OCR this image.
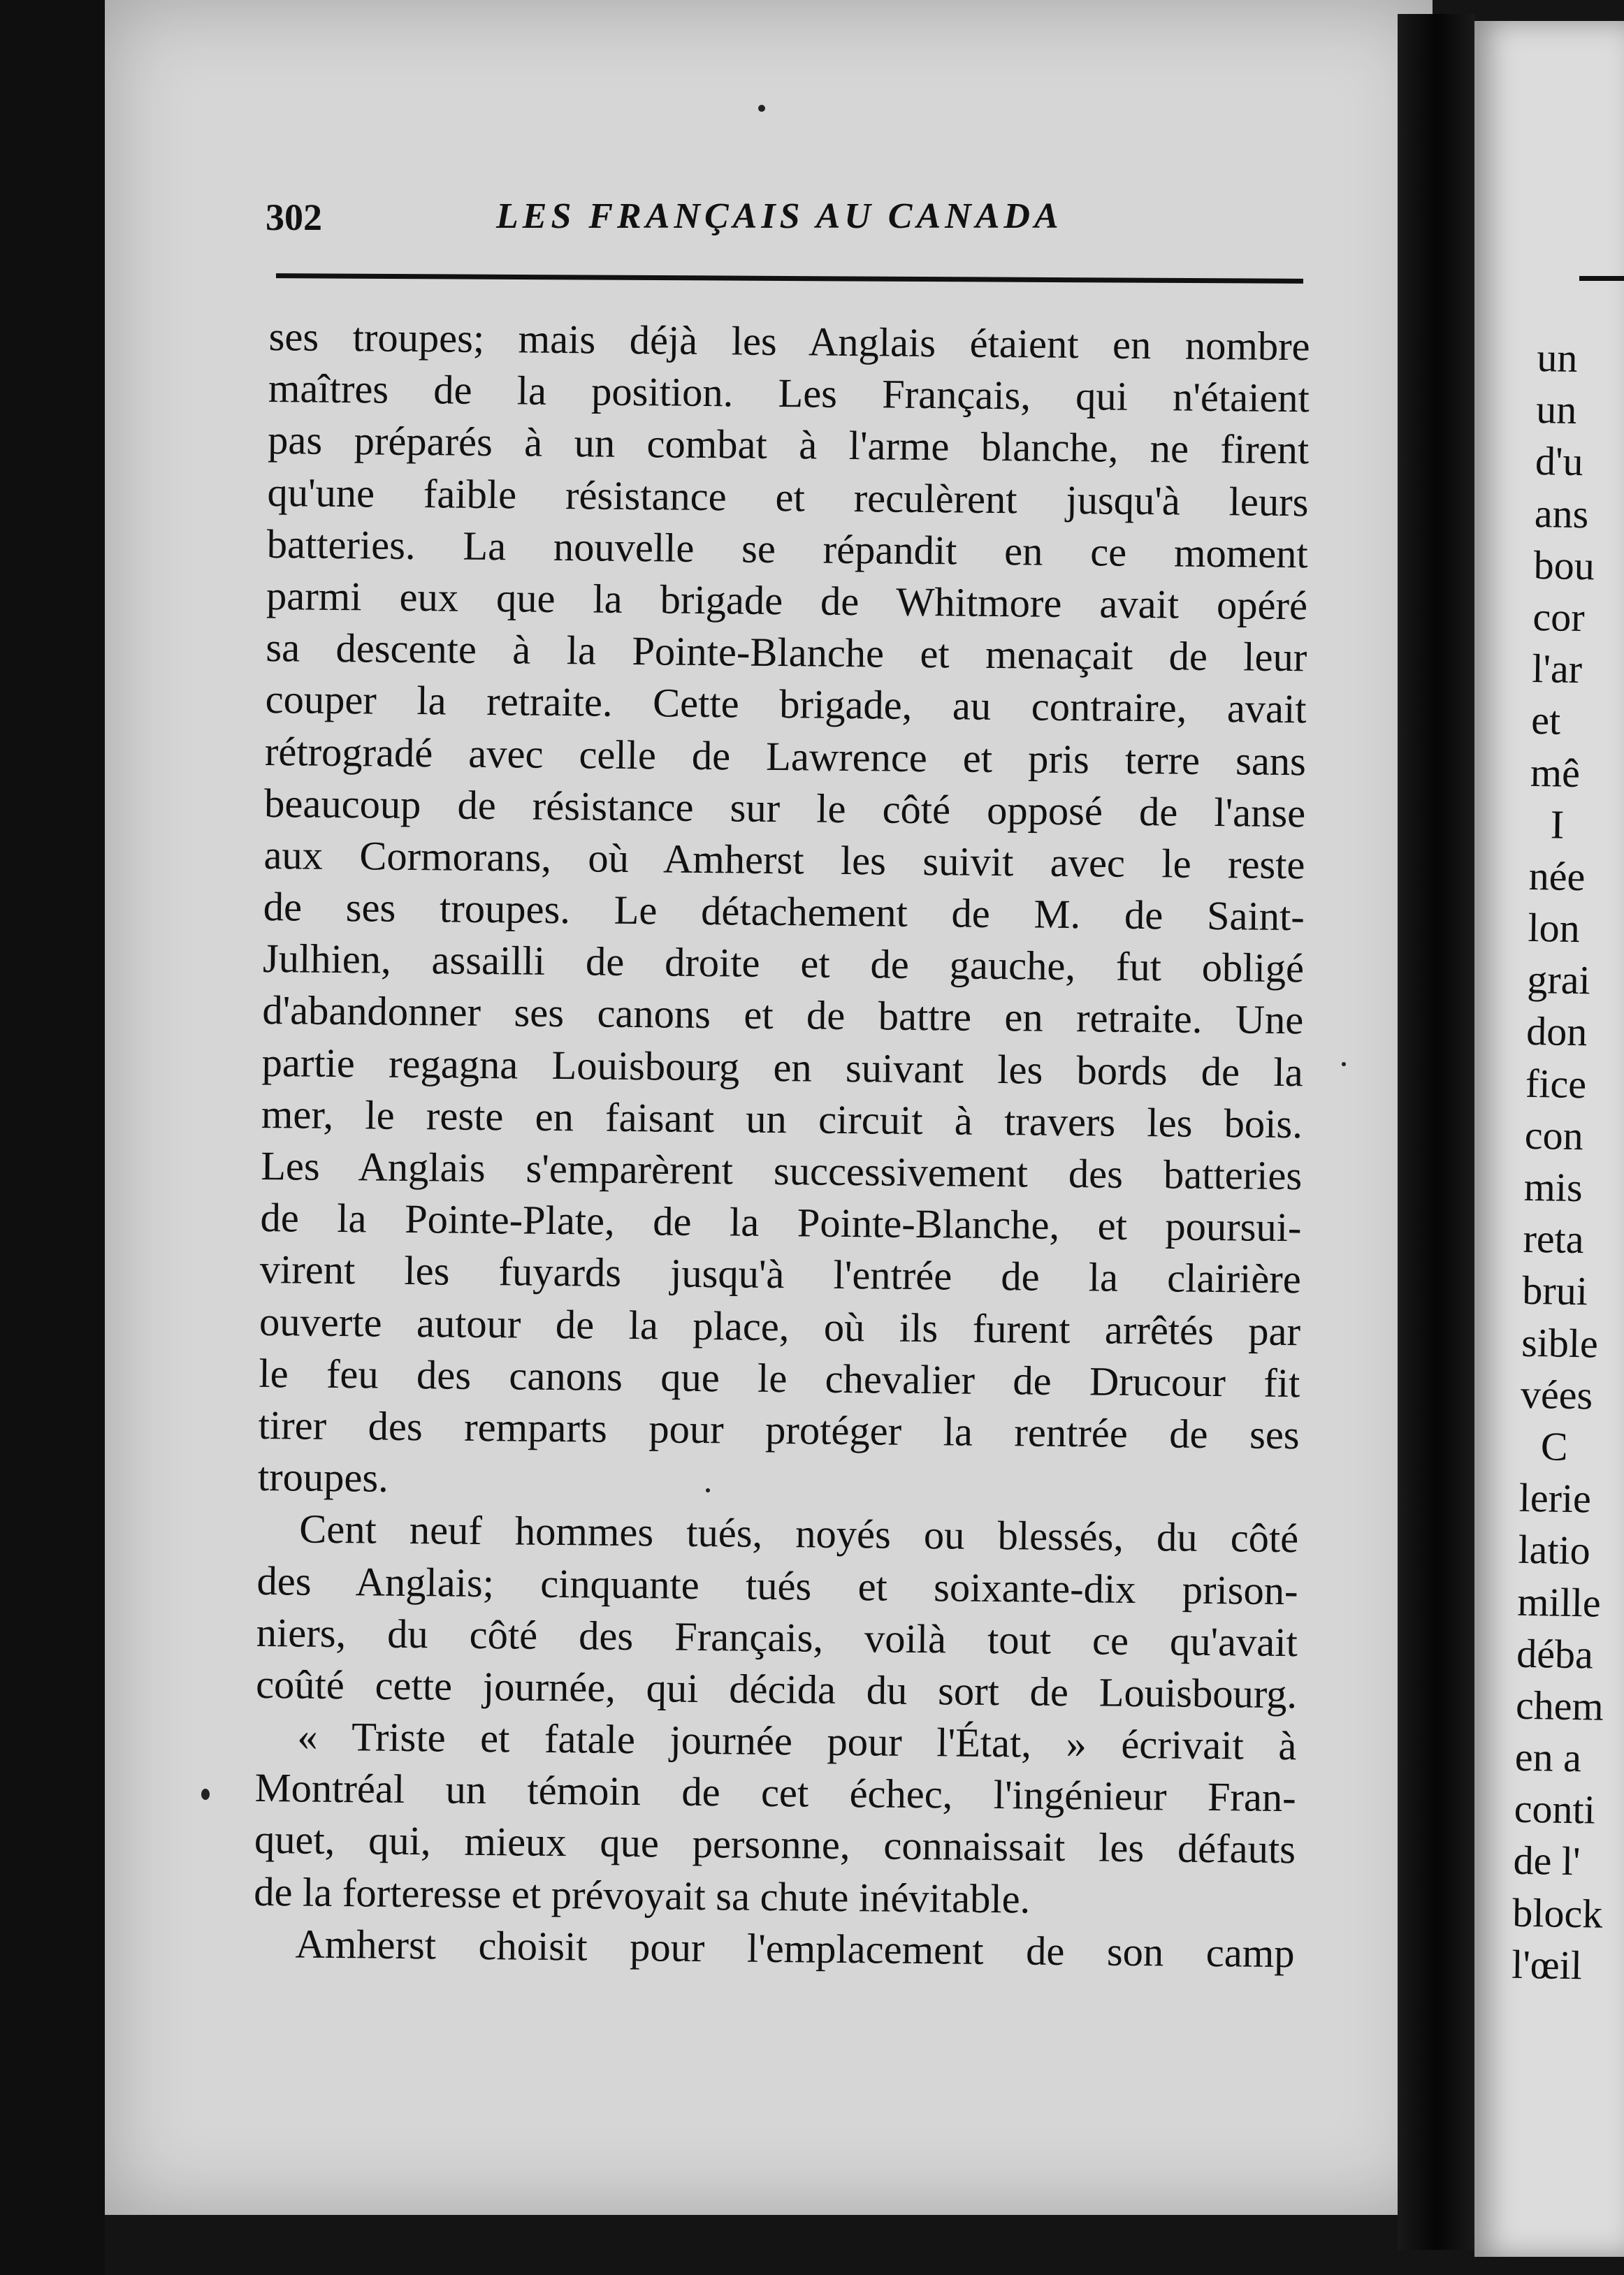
302	LES FRANÇAIS AU CANADA
ses troupes; mais déjà les Anglais étaient en nombre
maîtres de la position. Les Français, qui n'étaient
pas préparés à un combat à l'arme blanche, ne firent
qu'une faible résistance et reculèrent jusqu'à leurs
batteries. La nouvelle se répandit en ce moment
parmi eux que la brigade de Whitmore avait opéré
sa descente à la Pointe-Blanche et menaçait de leur
couper la retraite. Cette brigade, au contraire, avait
rétrogradé avec celle de Lawrence et pris terre sans
beaucoup de résistance sur le côté opposé de l'anse
aux Cormorans, où Amherst les suivit avec le reste
de ses troupes. Le détachement de M. de Saint-
Julhien, assailli de droite et de gauche, fut obligé
d'abandonner ses canons et de battre en retraite. Une
partie regagna Louisbourg en suivant les bords de la
mer, le reste en faisant un circuit à travers les bois.
Les Anglais s'emparèrent successivement des batteries
de la Pointe-Plate, de la Pointe-Blanche, et poursui-
virent les fuyards jusqu'à l'entrée de la clairière
ouverte autour de la place, où ils furent arrêtés par
le feu des canons que le chevalier de Drucour fit
tirer des remparts pour protéger la rentrée de ses
troupes.
Cent neuf hommes tués, noyés ou blessés, du côté
des Anglais; cinquante tués et soixante-dix prison-
niers, du côté des Français, voilà tout ce qu'avait
coûté cette journée, qui décida du sort de Louisbourg.
« Triste et fatale journée pour l'État, » écrivait à
Montréal un témoin de cet échec, l'ingénieur Fran-
quet, qui, mieux que personne, connaissait les défauts
de la forteresse et prévoyait sa chute inévitable.
Amherst choisit pour l'emplacement de son camp
un
un
d'u
ans
bou
cor
l'ar
et
mê
I
née
lon
grai
don
fice
con
mis
reta
brui
sible
vées
C
lerie
latio
mille
déba
chem
en a
conti
de l'
block
l'œil
